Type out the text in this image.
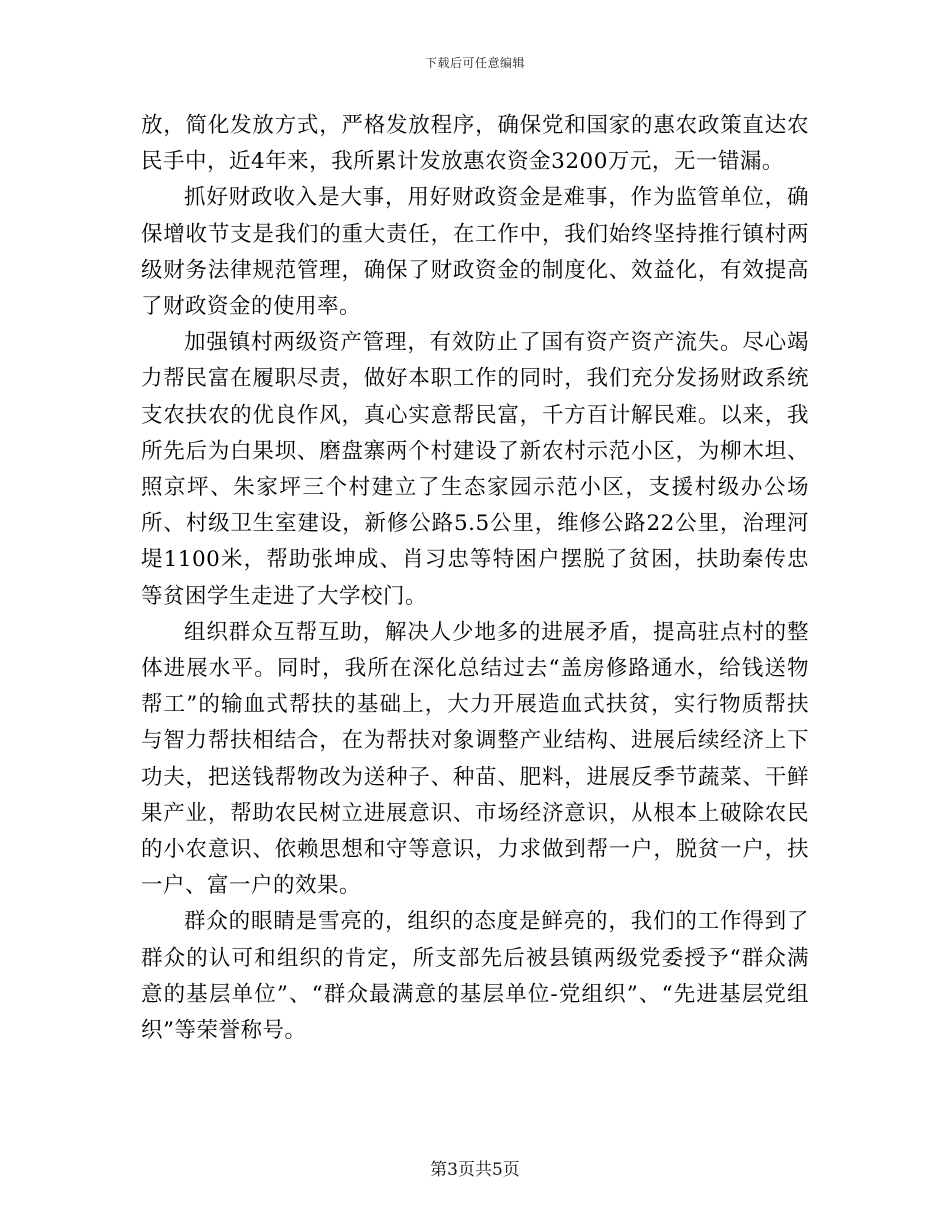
下载后可任意编辑

放，简化发放方式，严格发放程序，确保党和国家的惠农政策直达农民手中，近4年来，我所累计发放惠农资金3200万元，无一错漏。

抓好财政收入是大事，用好财政资金是难事，作为监管单位，确保增收节支是我们的重大责任，在工作中，我们始终坚持推行镇村两级财务法律规范管理，确保了财政资金的制度化、效益化，有效提高了财政资金的使用率。

加强镇村两级资产管理，有效防止了国有资产资产流失。尽心竭力帮民富在履职尽责，做好本职工作的同时，我们充分发扬财政系统支农扶农的优良作风，真心实意帮民富，千方百计解民难。以来，我所先后为白果坝、磨盘寨两个村建设了新农村示范小区，为柳木坦、照京坪、朱家坪三个村建立了生态家园示范小区，支援村级办公场所、村级卫生室建设，新修公路5.5公里，维修公路22公里，治理河堤1100米，帮助张坤成、肖习忠等特困户摆脱了贫困，扶助秦传忠等贫困学生走进了大学校门。

组织群众互帮互助，解决人少地多的进展矛盾，提高驻点村的整体进展水平。同时，我所在深化总结过去“盖房修路通水，给钱送物帮工”的输血式帮扶的基础上，大力开展造血式扶贫，实行物质帮扶与智力帮扶相结合，在为帮扶对象调整产业结构、进展后续经济上下功夫，把送钱帮物改为送种子、种苗、肥料，进展反季节蔬菜、干鲜果产业，帮助农民树立进展意识、市场经济意识，从根本上破除农民的小农意识、依赖思想和守等意识，力求做到帮一户，脱贫一户，扶一户、富一户的效果。

群众的眼睛是雪亮的，组织的态度是鲜亮的，我们的工作得到了群众的认可和组织的肯定，所支部先后被县镇两级党委授予“群众满意的基层单位”、“群众最满意的基层单位-党组织”、“先进基层党组织”等荣誉称号。

第3页共5页
